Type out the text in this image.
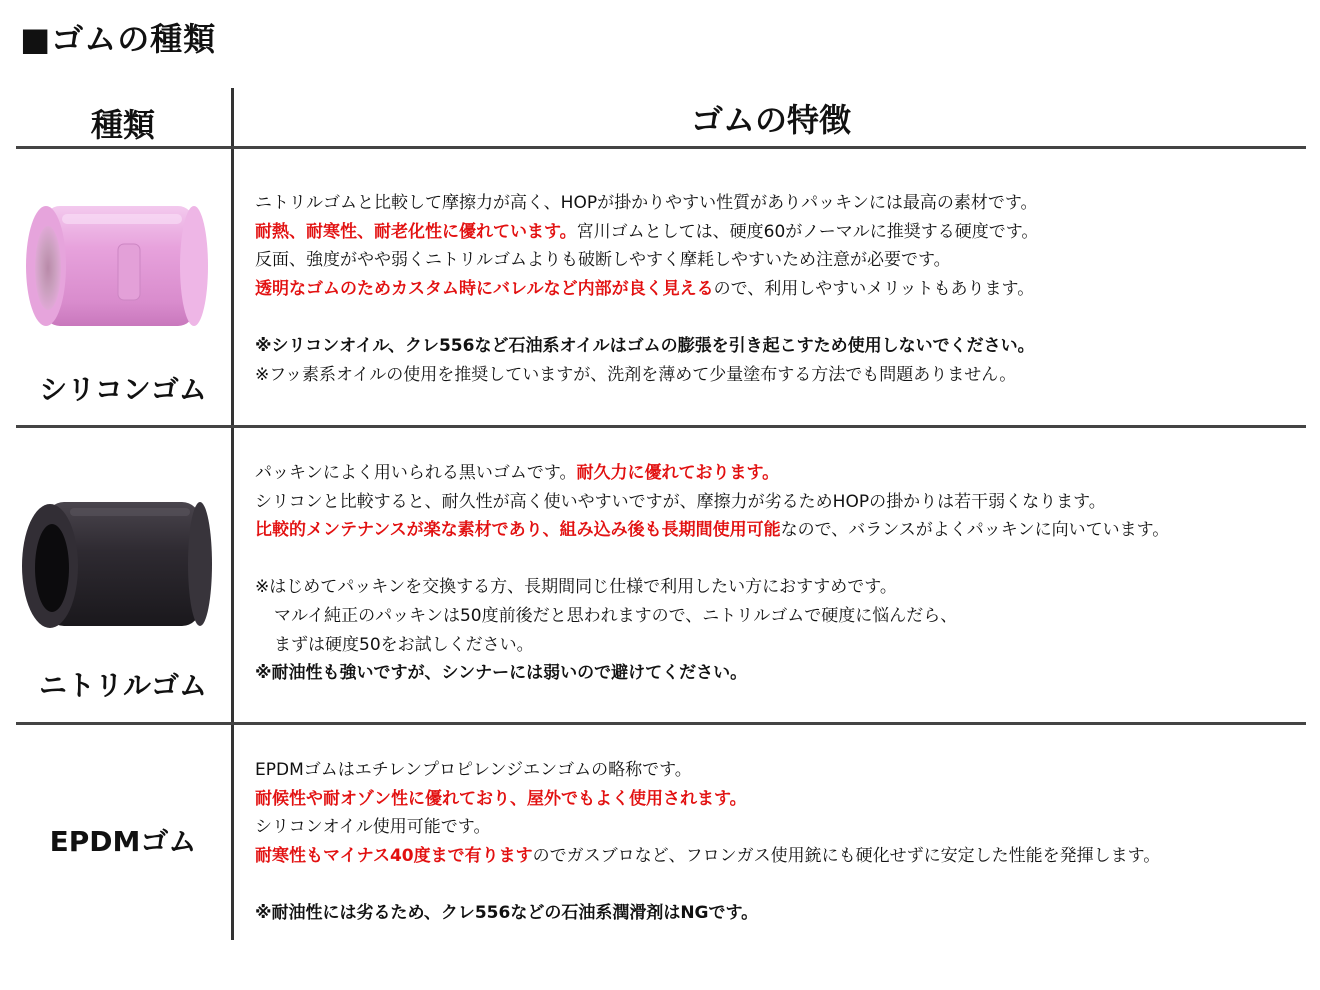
■ゴムの種類
種類	ゴムの特徴
シリコンゴム
ニトリルゴム
EPDMゴム
ニトリルゴムと比較して摩擦力が高く、HOPが掛かりやすい性質がありパッキンには最高の素材です。
耐熱、耐寒性、耐老化性に優れています。宮川ゴムとしては、硬度60がノーマルに推奨する硬度です。
反面、強度がやや弱くニトリルゴムよりも破断しやすく摩耗しやすいため注意が必要です。
透明なゴムのためカスタム時にバレルなど内部が良く見えるので、利用しやすいメリットもあります。
※シリコンオイル、クレ556など石油系オイルはゴムの膨張を引き起こすため使用しないでください。
※フッ素系オイルの使用を推奨していますが、洗剤を薄めて少量塗布する方法でも問題ありません。
パッキンによく用いられる黒いゴムです。耐久力に優れております。
シリコンと比較すると、耐久性が高く使いやすいですが、摩擦力が劣るためHOPの掛かりは若干弱くなります。
比較的メンテナンスが楽な素材であり、組み込み後も長期間使用可能なので、バランスがよくパッキンに向いています。
※はじめてパッキンを交換する方、長期間同じ仕様で利用したい方におすすめです。
マルイ純正のパッキンは50度前後だと思われますので、ニトリルゴムで硬度に悩んだら、
まずは硬度50をお試しください。
※耐油性も強いですが、シンナーには弱いので避けてください。
EPDMゴムはエチレンプロピレンジエンゴムの略称です。
耐候性や耐オゾン性に優れており、屋外でもよく使用されます。
シリコンオイル使用可能です。
耐寒性もマイナス40度まで有りますのでガスブロなど、フロンガス使用銃にも硬化せずに安定した性能を発揮します。
※耐油性には劣るため、クレ556などの石油系潤滑剤はNGです。
